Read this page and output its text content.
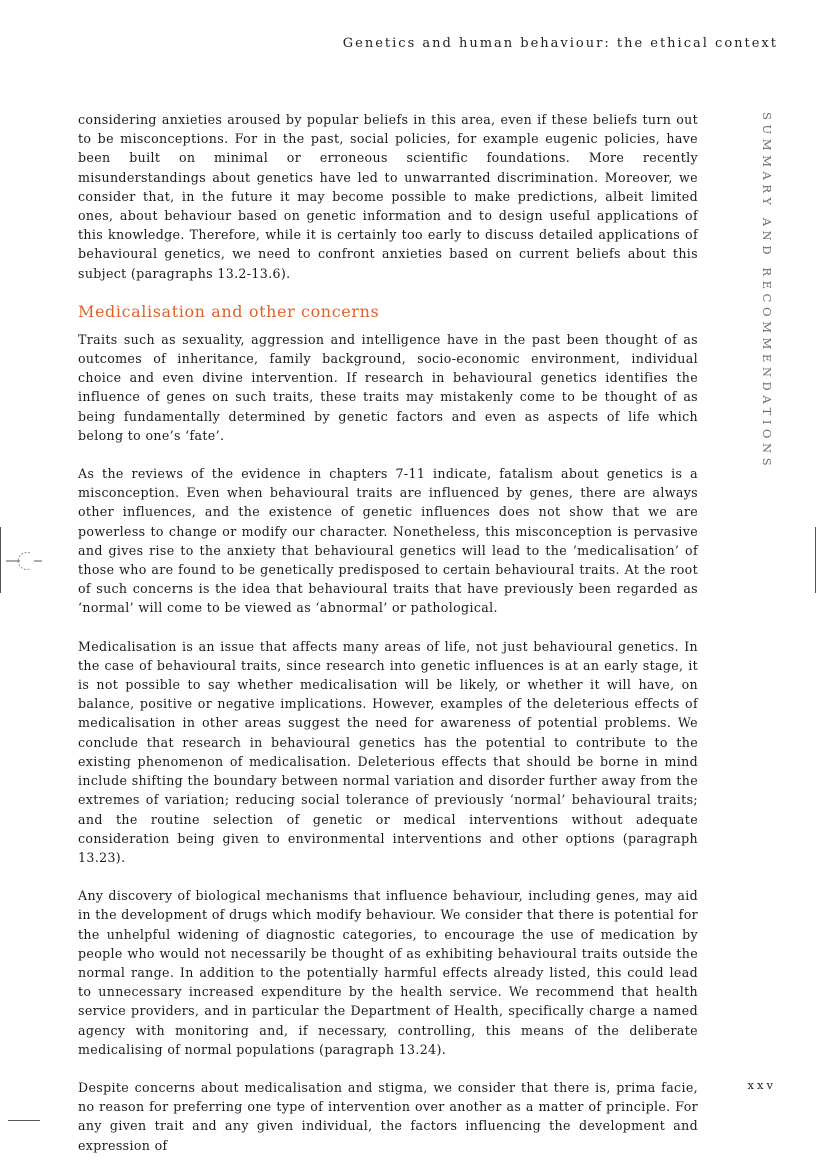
Genetics and human behaviour: the ethical context
SUMMARY AND RECOMMENDATIONS

considering anxieties aroused by popular beliefs in this area, even if these beliefs turn out to be misconceptions. For in the past, social policies, for example eugenic policies, have been built on minimal or erroneous scientific foundations. More recently misunderstandings about genetics have led to unwarranted discrimination. Moreover, we consider that, in the future it may become possible to make predictions, albeit limited ones, about behaviour based on genetic information and to design useful applications of this knowledge. Therefore, while it is certainly too early to discuss detailed applications of behavioural genetics, we need to confront anxieties based on current beliefs about this subject (paragraphs 13.2-13.6).

Medicalisation and other concerns

Traits such as sexuality, aggression and intelligence have in the past been thought of as outcomes of inheritance, family background, socio-economic environment, individual choice and even divine intervention. If research in behavioural genetics identifies the influence of genes on such traits, these traits may mistakenly come to be thought of as being fundamentally determined by genetic factors and even as aspects of life which belong to one’s ‘fate’.

As the reviews of the evidence in chapters 7-11 indicate, fatalism about genetics is a misconception. Even when behavioural traits are influenced by genes, there are always other influences, and the existence of genetic influences does not show that we are powerless to change or modify our character. Nonetheless, this misconception is pervasive and gives rise to the anxiety that behavioural genetics will lead to the ‘medicalisation’ of those who are found to be genetically predisposed to certain behavioural traits. At the root of such concerns is the idea that behavioural traits that have previously been regarded as ‘normal’ will come to be viewed as ‘abnormal’ or pathological.

Medicalisation is an issue that affects many areas of life, not just behavioural genetics. In the case of behavioural traits, since research into genetic influences is at an early stage, it is not possible to say whether medicalisation will be likely, or whether it will have, on balance, positive or negative implications. However, examples of the deleterious effects of medicalisation in other areas suggest the need for awareness of potential problems. We conclude that research in behavioural genetics has the potential to contribute to the existing phenomenon of medicalisation. Deleterious effects that should be borne in mind include shifting the boundary between normal variation and disorder further away from the extremes of variation; reducing social tolerance of previously ‘normal’ behavioural traits; and the routine selection of genetic or medical interventions without adequate consideration being given to environmental interventions and other options (paragraph 13.23).

Any discovery of biological mechanisms that influence behaviour, including genes, may aid in the development of drugs which modify behaviour. We consider that there is potential for the unhelpful widening of diagnostic categories, to encourage the use of medication by people who would not necessarily be thought of as exhibiting behavioural traits outside the normal range. In addition to the potentially harmful effects already listed, this could lead to unnecessary increased expenditure by the health service. We recommend that health service providers, and in particular the Department of Health, specifically charge a named agency with monitoring and, if necessary, controlling, this means of the deliberate medicalising of normal populations (paragraph 13.24).

Despite concerns about medicalisation and stigma, we consider that there is, prima facie, no reason for preferring one type of intervention over another as a matter of principle. For any given trait and any given individual, the factors influencing the development and expression of

xxv
